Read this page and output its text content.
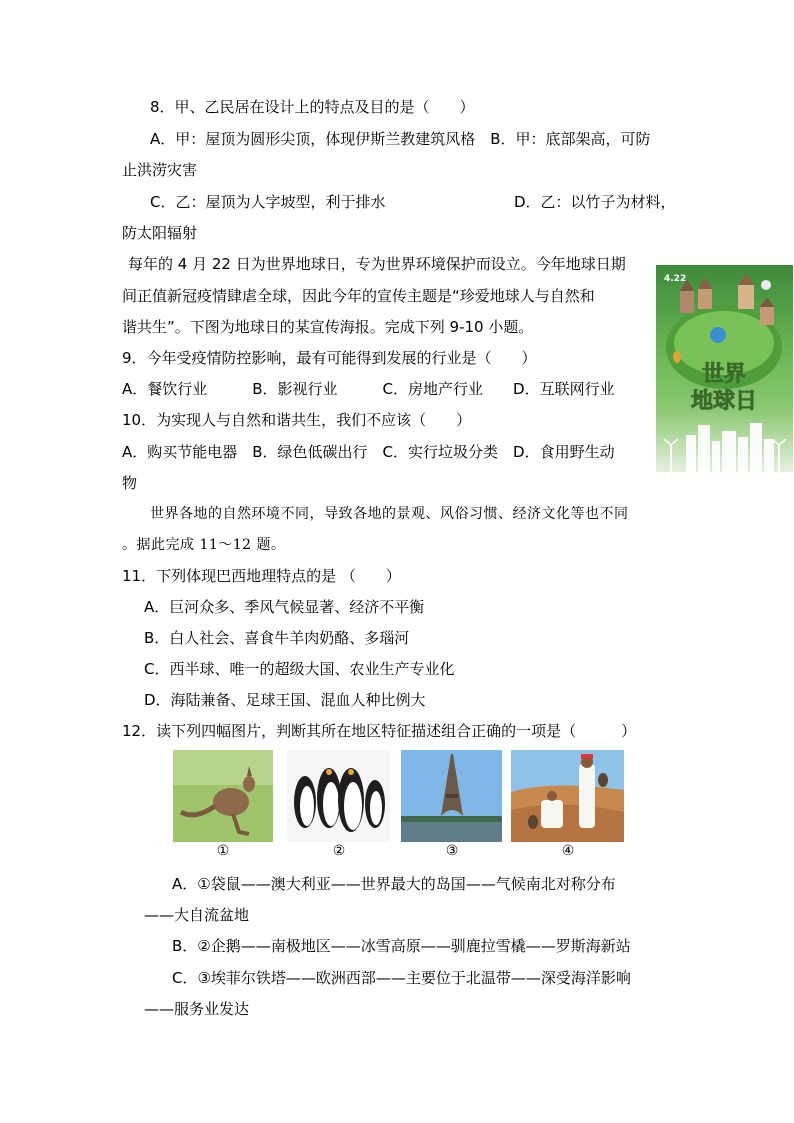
8．甲、乙民居在设计上的特点及目的是（　　）
A．甲：屋顶为圆形尖顶，体现伊斯兰教建筑风格　B．甲：底部架高，可防
止洪涝灾害
C．乙：屋顶为人字坡型，利于排水	D．乙：以竹子为材料，
防太阳辐射
每年的 4 月 22 日为世界地球日，专为世界环境保护而设立。今年地球日期
间正值新冠疫情肆虐全球，因此今年的宣传主题是“珍爱地球人与自然和
谐共生”。下图为地球日的某宣传海报。完成下列 9-10 小题。
4.22
世界
地球日
9．今年受疫情防控影响，最有可能得到发展的行业是（　　）
A．餐饮行业　　　B．影视行业　　　C．房地产行业　　D．互联网行业
10．为实现人与自然和谐共生，我们不应该（　　）
A．购买节能电器　B．绿色低碳出行　C．实行垃圾分类　D．食用野生动
物
世界各地的自然环境不同，导致各地的景观、风俗习惯、经济文化等也不同
。据此完成 11～12 题。
11．下列体现巴西地理特点的是 （　　）
A．巨河众多、季风气候显著、经济不平衡
B．白人社会、喜食牛羊肉奶酪、多瑙河
C．西半球、唯一的超级大国、农业生产专业化
D．海陆兼备、足球王国、混血人种比例大
12．读下列四幅图片，判断其所在地区特征描述组合正确的一项是（　　　）
①	②	③	④
A．①袋鼠——澳大利亚——世界最大的岛国——气候南北对称分布
——大自流盆地
B．②企鹅——南极地区——冰雪高原——驯鹿拉雪橇——罗斯海新站
C．③埃菲尔铁塔——欧洲西部——主要位于北温带——深受海洋影响
——服务业发达
